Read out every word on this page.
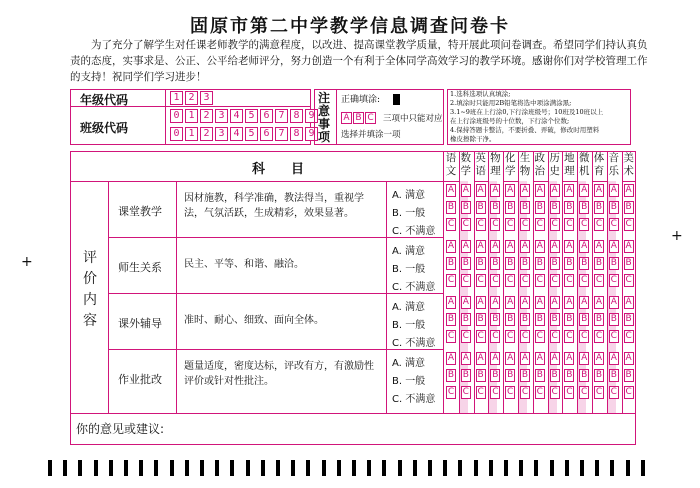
固原市第二中学教学信息调查问卷卡
为了充分了解学生对任课老师教学的满意程度，以改进、提高课堂教学质量，特开展此项问卷调查。希望同学们持认真负责的态度，实事求是、公正、公平给老师评分，努力创造一个有利于全体同学高效学习的教学环境。感谢你们对学校管理工作的支持！祝同学们学习进步！
+
+
年级代码
班级代码
1 2 3
0 1 2 3 4 5 6 7 8 9
0 1 2 3 4 5 6 7 8 9
注意事项
正确填涂:
A B C 三项中只能对应
选择并填涂一项
1.选科选项认真填涂;
2.填涂时只能用2B铅笔将选中项涂满涂黑;
3.1~9班在上行涂0,下行涂班级号；10班及10班以上
在上行涂班级号的十位数，下行涂个位数;
4.保持答题卡整洁，不要折叠、弄破，修改时用塑料
橡皮擦除干净。
科　　目
评价内容
语文
A
B
C
A
B
C
A
B
C
A
B
C
数学
A
B
C
A
B
C
A
B
C
A
B
C
英语
A
B
C
A
B
C
A
B
C
A
B
C
物理
A
B
C
A
B
C
A
B
C
A
B
C
化学
A
B
C
A
B
C
A
B
C
A
B
C
生物
A
B
C
A
B
C
A
B
C
A
B
C
政治
A
B
C
A
B
C
A
B
C
A
B
C
历史
A
B
C
A
B
C
A
B
C
A
B
C
地理
A
B
C
A
B
C
A
B
C
A
B
C
微机
A
B
C
A
B
C
A
B
C
A
B
C
体育
A
B
C
A
B
C
A
B
C
A
B
C
音乐
A
B
C
A
B
C
A
B
C
A
B
C
美术
A
B
C
A
B
C
A
B
C
A
B
C
课堂教学
因材施教，科学准确，教法得当，重视学法，气氛活跃，生成精彩，效果显著。
A. 满意
B. 一般
C. 不满意
师生关系 民主、平等、和谐、融洽。
A. 满意
B. 一般
C. 不满意
课外辅导 准时、耐心、细致、面向全体。
A. 满意
B. 一般
C. 不满意
作业批改
题量适度，密度达标，评改有方，有激励性评价或针对性批注。
A. 满意
B. 一般
C. 不满意
你的意见或建议:
